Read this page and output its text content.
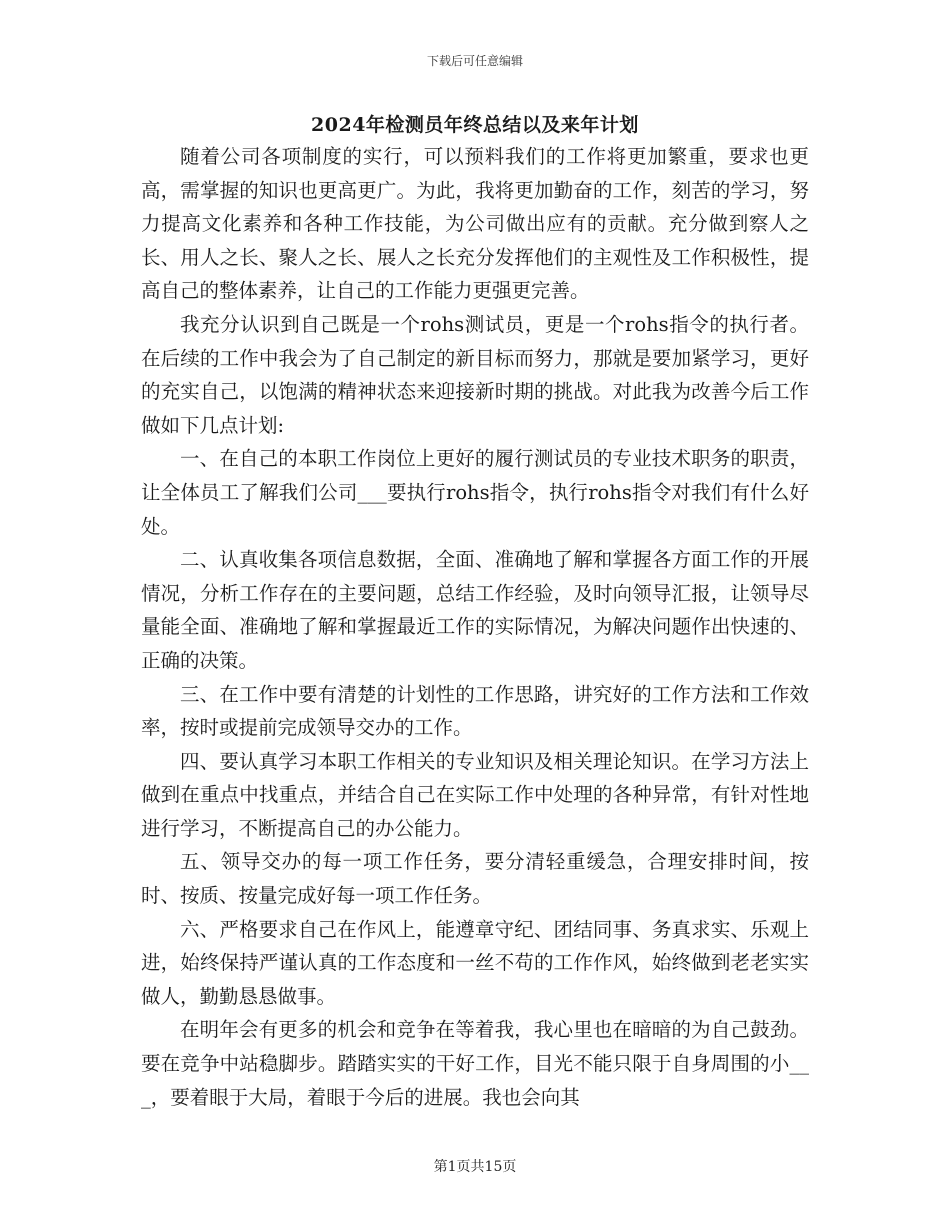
下载后可任意编辑
2024年检测员年终总结以及来年计划

随着公司各项制度的实行，可以预料我们的工作将更加繁重，要求也更高，需掌握的知识也更高更广。为此，我将更加勤奋的工作，刻苦的学习，努力提高文化素养和各种工作技能，为公司做出应有的贡献。充分做到察人之长、用人之长、聚人之长、展人之长充分发挥他们的主观性及工作积极性，提高自己的整体素养，让自己的工作能力更强更完善。

我充分认识到自己既是一个rohs测试员，更是一个rohs指令的执行者。在后续的工作中我会为了自己制定的新目标而努力，那就是要加紧学习，更好的充实自己，以饱满的精神状态来迎接新时期的挑战。对此我为改善今后工作做如下几点计划:

一、在自己的本职工作岗位上更好的履行测试员的专业技术职务的职责，让全体员工了解我们公司___要执行rohs指令，执行rohs指令对我们有什么好处。

二、认真收集各项信息数据，全面、准确地了解和掌握各方面工作的开展情况，分析工作存在的主要问题，总结工作经验，及时向领导汇报，让领导尽量能全面、准确地了解和掌握最近工作的实际情况，为解决问题作出快速的、正确的决策。

三、在工作中要有清楚的计划性的工作思路，讲究好的工作方法和工作效率，按时或提前完成领导交办的工作。

四、要认真学习本职工作相关的专业知识及相关理论知识。在学习方法上做到在重点中找重点，并结合自己在实际工作中处理的各种异常，有针对性地进行学习，不断提高自己的办公能力。

五、领导交办的每一项工作任务，要分清轻重缓急，合理安排时间，按时、按质、按量完成好每一项工作任务。

六、严格要求自己在作风上，能遵章守纪、团结同事、务真求实、乐观上进，始终保持严谨认真的工作态度和一丝不苟的工作作风，始终做到老老实实做人，勤勤恳恳做事。

在明年会有更多的机会和竞争在等着我，我心里也在暗暗的为自己鼓劲。要在竞争中站稳脚步。踏踏实实的干好工作，目光不能只限于自身周围的小___，要着眼于大局，着眼于今后的进展。我也会向其

第1页共15页
